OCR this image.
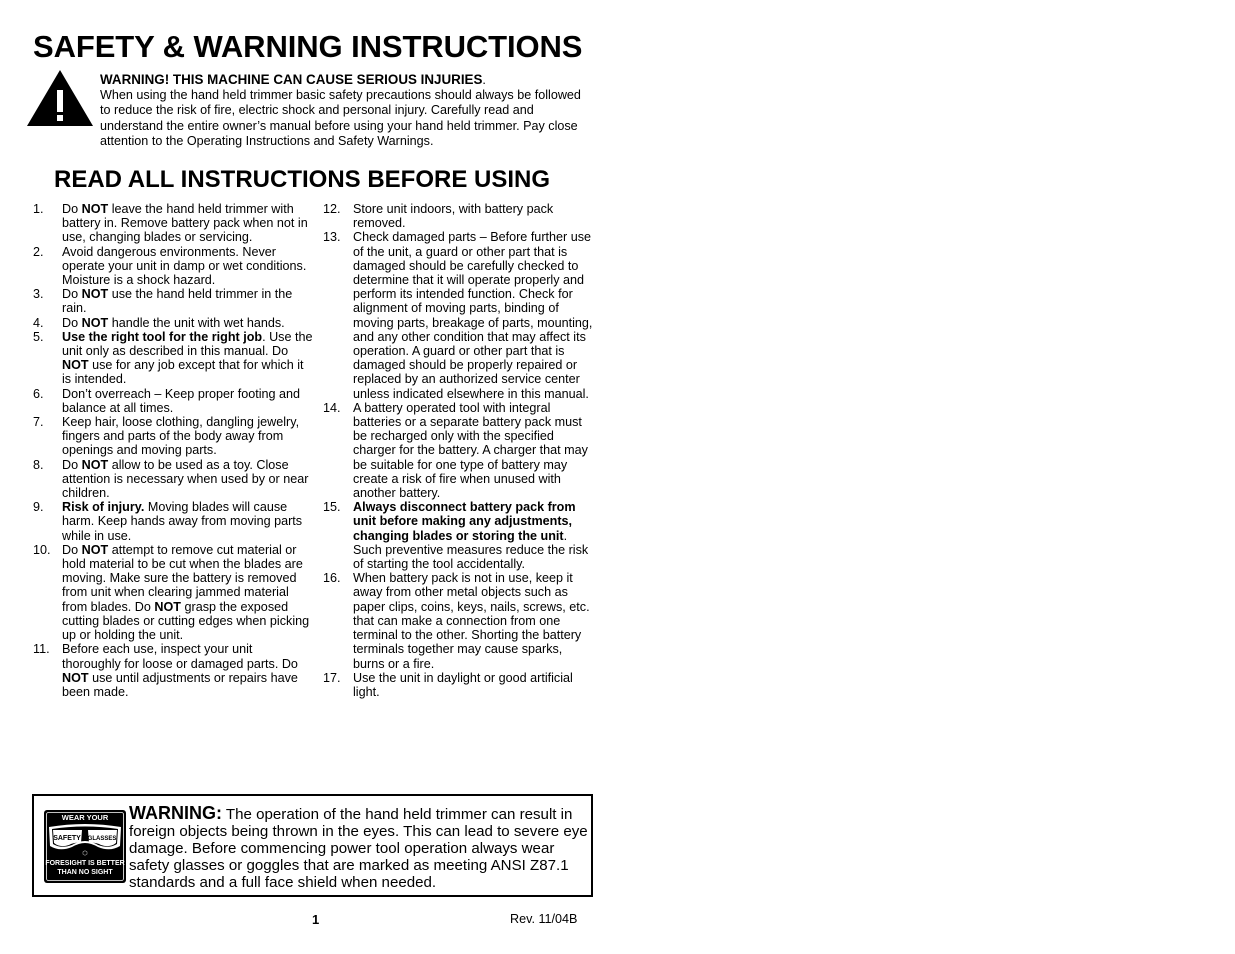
SAFETY & WARNING INSTRUCTIONS
WARNING! THIS MACHINE CAN CAUSE SERIOUS INJURIES.
When using the hand held trimmer basic safety precautions should always be followed to reduce the risk of fire, electric shock and personal injury. Carefully read and understand the entire owner’s manual before using your hand held trimmer. Pay close attention to the Operating Instructions and Safety Warnings.
READ ALL INSTRUCTIONS BEFORE USING
1. Do NOT leave the hand held trimmer with battery in. Remove battery pack when not in use, changing blades or servicing.
2. Avoid dangerous environments. Never operate your unit in damp or wet conditions. Moisture is a shock hazard.
3. Do NOT use the hand held trimmer in the rain.
4. Do NOT handle the unit with wet hands.
5. Use the right tool for the right job. Use the unit only as described in this manual. Do NOT use for any job except that for which it is intended.
6. Don’t overreach – Keep proper footing and balance at all times.
7. Keep hair, loose clothing, dangling jewelry, fingers and parts of the body away from openings and moving parts.
8. Do NOT allow to be used as a toy. Close attention is necessary when used by or near children.
9. Risk of injury. Moving blades will cause harm. Keep hands away from moving parts while in use.
10. Do NOT attempt to remove cut material or hold material to be cut when the blades are moving. Make sure the battery is removed from unit when clearing jammed material from blades. Do NOT grasp the exposed cutting blades or cutting edges when picking up or holding the unit.
11. Before each use, inspect your unit thoroughly for loose or damaged parts. Do NOT use until adjustments or repairs have been made.
12. Store unit indoors, with battery pack removed.
13. Check damaged parts – Before further use of the unit, a guard or other part that is damaged should be carefully checked to determine that it will operate properly and perform its intended function. Check for alignment of moving parts, binding of moving parts, breakage of parts, mounting, and any other condition that may affect its operation. A guard or other part that is damaged should be properly repaired or replaced by an authorized service center unless indicated elsewhere in this manual.
14. A battery operated tool with integral batteries or a separate battery pack must be recharged only with the specified charger for the battery. A charger that may be suitable for one type of battery may create a risk of fire when unused with another battery.
15. Always disconnect battery pack from unit before making any adjustments, changing blades or storing the unit. Such preventive measures reduce the risk of starting the tool accidentally.
16. When battery pack is not in use, keep it away from other metal objects such as paper clips, coins, keys, nails, screws, etc. that can make a connection from one terminal to the other. Shorting the battery terminals together may cause sparks, burns or a fire.
17. Use the unit in daylight or good artificial light.
WEAR YOUR
SAFETY GLASSES
⬡
FORESIGHT IS BETTER
THAN NO SIGHT
WARNING: The operation of the hand held trimmer can result in foreign objects being thrown in the eyes. This can lead to severe eye damage. Before commencing power tool operation always wear safety glasses or goggles that are marked as meeting ANSI Z87.1 standards and a full face shield when needed.
1	Rev. 11/04B
